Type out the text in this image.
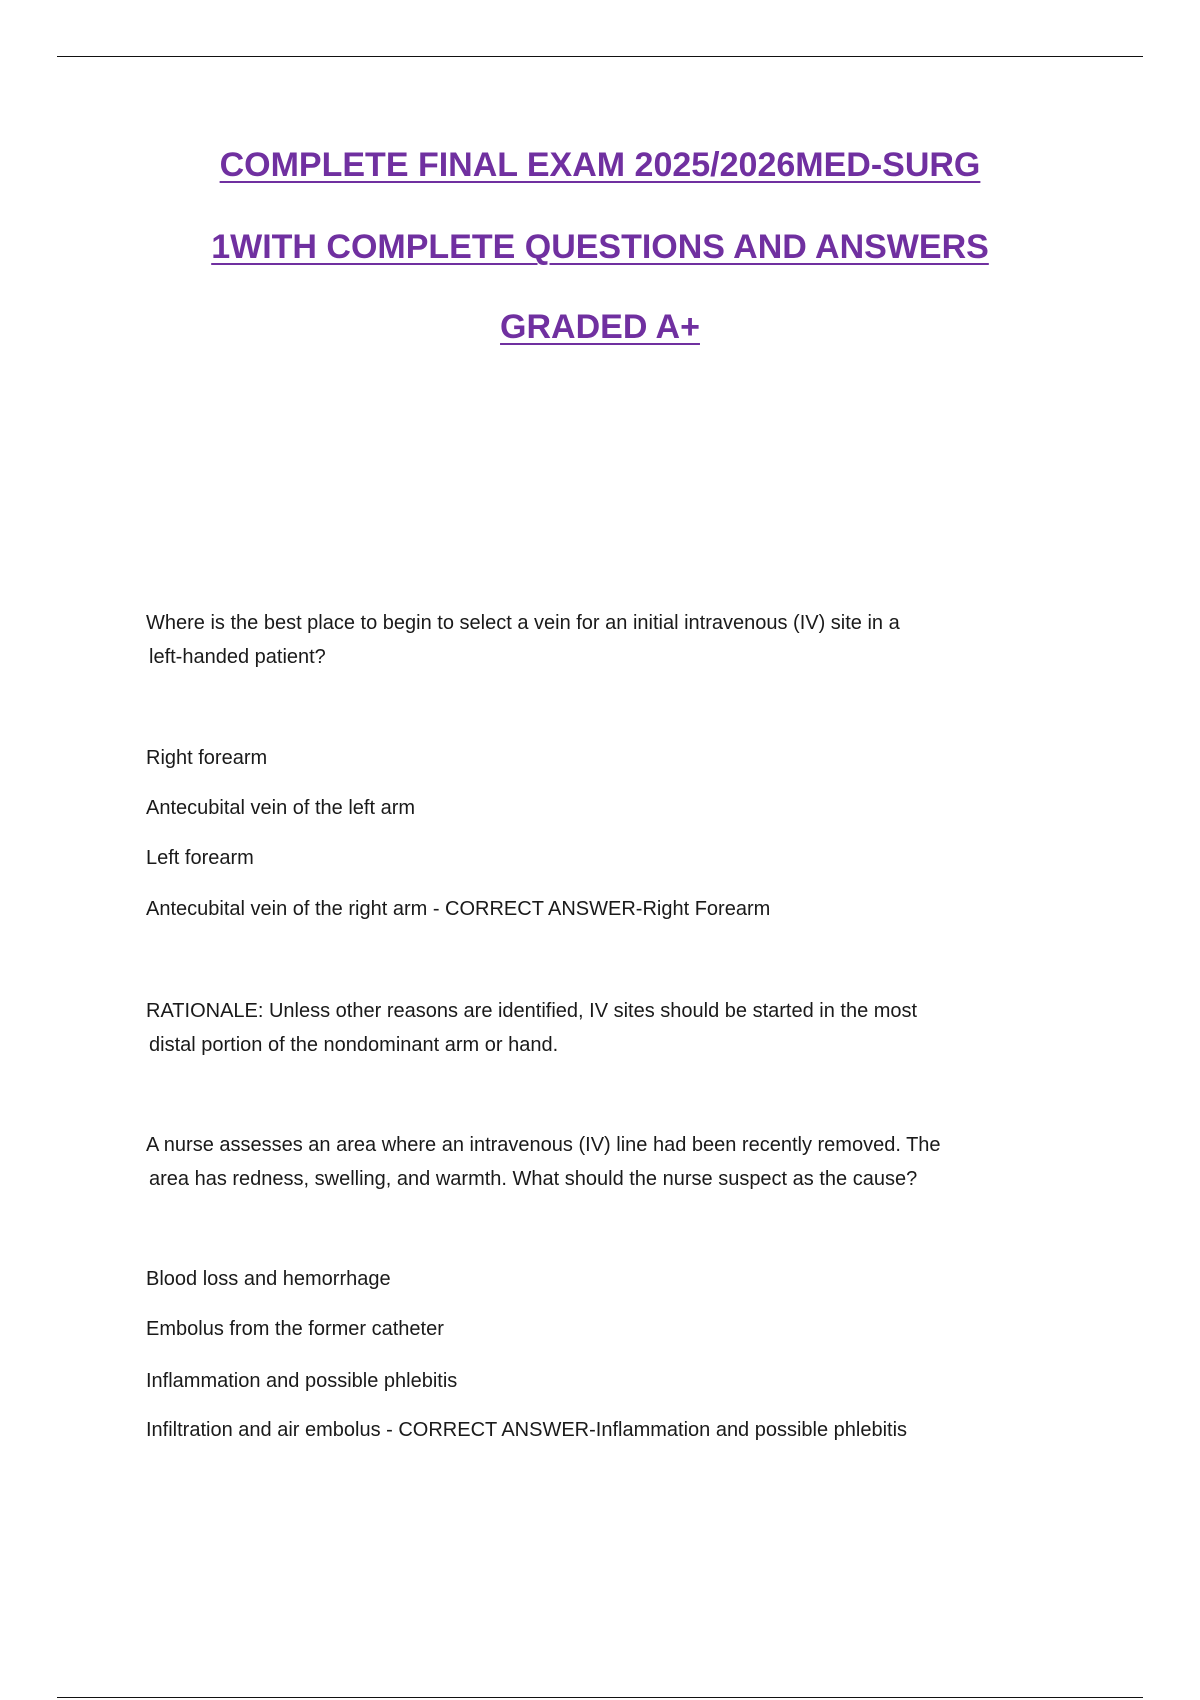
COMPLETE FINAL EXAM 2025/2026MED-SURG
1WITH COMPLETE QUESTIONS AND ANSWERS
GRADED A+

Where is the best place to begin to select a vein for an initial intravenous (IV) site in a
left-handed patient?

Right forearm
Antecubital vein of the left arm
Left forearm
Antecubital vein of the right arm - CORRECT ANSWER-Right Forearm

RATIONALE: Unless other reasons are identified, IV sites should be started in the most
distal portion of the nondominant arm or hand.

A nurse assesses an area where an intravenous (IV) line had been recently removed. The
area has redness, swelling, and warmth. What should the nurse suspect as the cause?

Blood loss and hemorrhage
Embolus from the former catheter
Inflammation and possible phlebitis
Infiltration and air embolus - CORRECT ANSWER-Inflammation and possible phlebitis
